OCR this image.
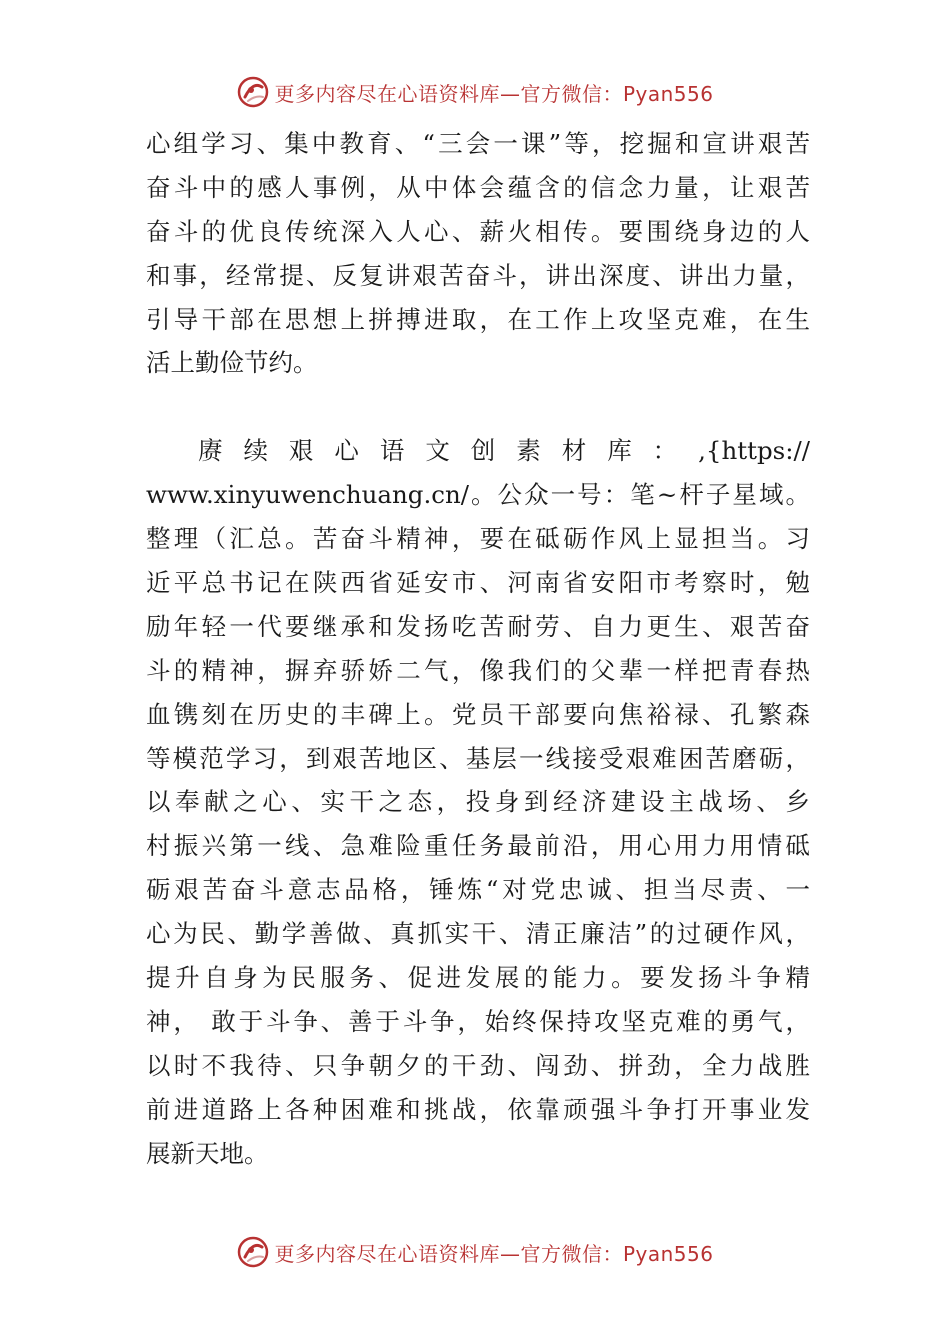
更多内容尽在心语资料库—官方微信：Pyan556
心组学习、集中教育、“三会一课”等，挖掘和宣讲艰苦
奋斗中的感人事例，从中体会蕴含的信念力量，让艰苦
奋斗的优良传统深入人心、薪火相传。要围绕身边的人
和事，经常提、反复讲艰苦奋斗，讲出深度、讲出力量，
引导干部在思想上拼搏进取，在工作上攻坚克难，在生
活上勤俭节约。
赓续艰心语文创素材库：,{https://
www.xinyuwenchuang.cn/。公众一号：笔~杆子星域。
整理（汇总。苦奋斗精神，要在砥砺作风上显担当。习
近平总书记在陕西省延安市、河南省安阳市考察时，勉
励年轻一代要继承和发扬吃苦耐劳、自力更生、艰苦奋
斗的精神，摒弃骄娇二气，像我们的父辈一样把青春热
血镌刻在历史的丰碑上。党员干部要向焦裕禄、孔繁森
等模范学习，到艰苦地区、基层一线接受艰难困苦磨砺，
以奉献之心、实干之态，投身到经济建设主战场、乡
村振兴第一线、急难险重任务最前沿，用心用力用情砥
砺艰苦奋斗意志品格，锤炼“对党忠诚、担当尽责、一
心为民、勤学善做、真抓实干、清正廉洁”的过硬作风，
提升自身为民服务、促进发展的能力。要发扬斗争精
神， 敢于斗争、善于斗争，始终保持攻坚克难的勇气，
以时不我待、只争朝夕的干劲、闯劲、拼劲，全力战胜
前进道路上各种困难和挑战，依靠顽强斗争打开事业发
展新天地。
更多内容尽在心语资料库—官方微信：Pyan556
